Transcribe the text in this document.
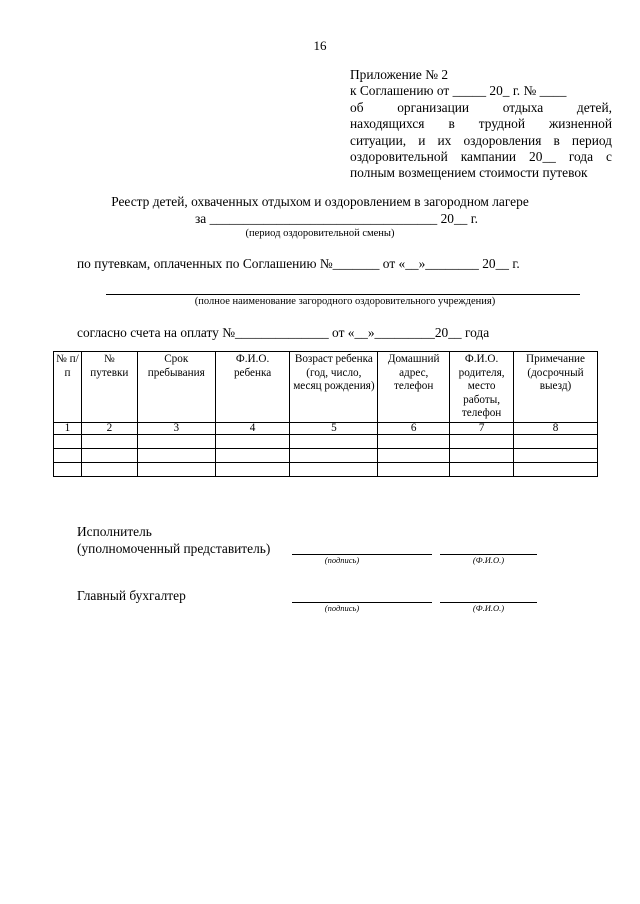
16
Приложение № 2
к Соглашению от _____ 20_ г. № ____
об организации отдыха детей,
находящихся в трудной жизненной
ситуации, и их оздоровления в период
оздоровительной кампании 20__ года с
полным возмещением стоимости путевок
Реестр детей, охваченных отдыхом и оздоровлением в загородном лагере
за __________________________________ 20__ г.
(период оздоровительной смены)
по путевкам, оплаченных по Соглашению №_______ от «__»________ 20__ г.
(полное наименование загородного оздоровительного учреждения)
согласно счета на оплату №______________ от «__»_________20__ года
№ п/п	№ путевки	Срок пребывания	Ф.И.О. ребенка	Возраст ребенка (год, число, месяц рождения)	Домашний адрес, телефон	Ф.И.О. родителя, место работы, телефон	Примечание (досрочный выезд)
1	2	3	4	5	6	7	8

Исполнитель
(уполномоченный представитель)
(подпись)	(Ф.И.О.)
Главный бухгалтер
(подпись)	(Ф.И.О.)
